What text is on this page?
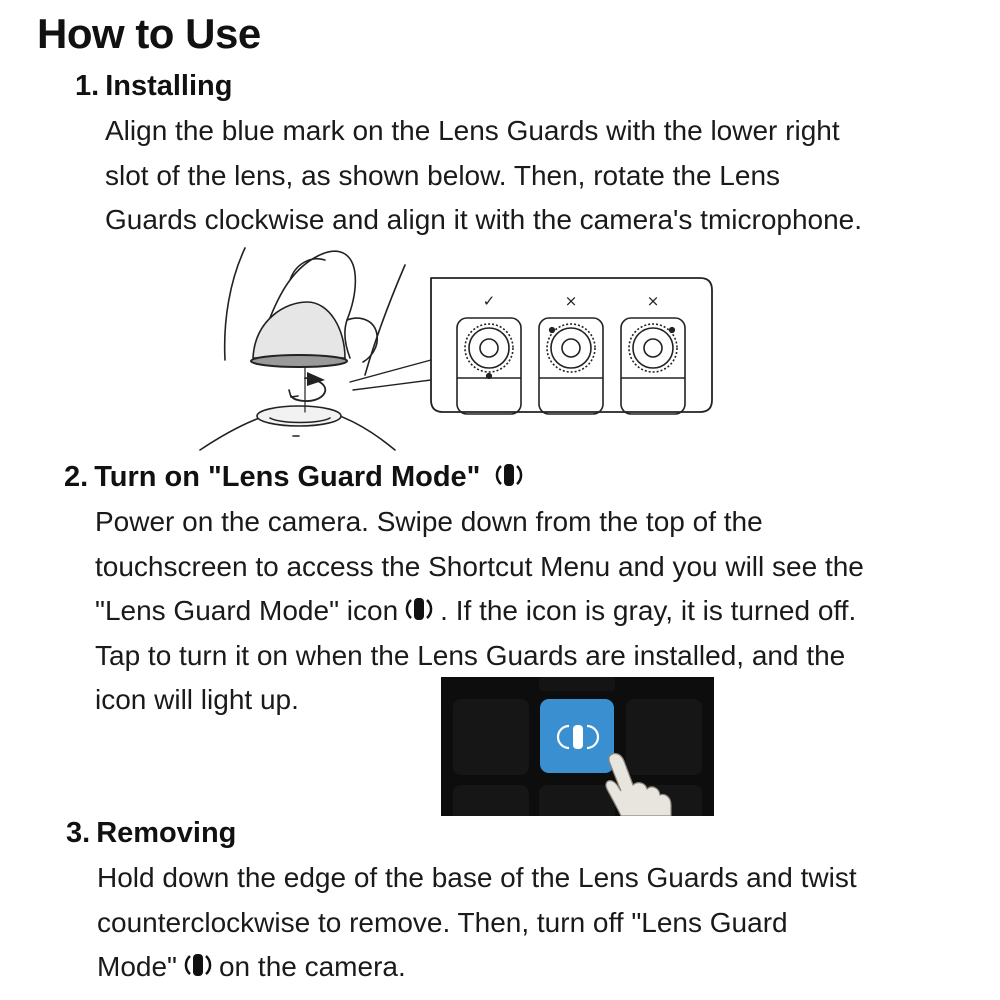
How to Use
1. Installing
Align the blue mark on the Lens Guards with the lower right
slot of the lens, as shown below. Then, rotate the Lens
Guards clockwise and align it with the camera's tmicrophone.
✓	×	×
2. Turn on "Lens Guard Mode"
Power on the camera. Swipe down from the top of the
touchscreen to access the Shortcut Menu and you will see the
"Lens Guard Mode" icon . If the icon is gray, it is turned off.
Tap to turn it on when the Lens Guards are installed, and the
icon will light up.
3. Removing
Hold down the edge of the base of the Lens Guards and twist
counterclockwise to remove. Then, turn off "Lens Guard
Mode" on the camera.
